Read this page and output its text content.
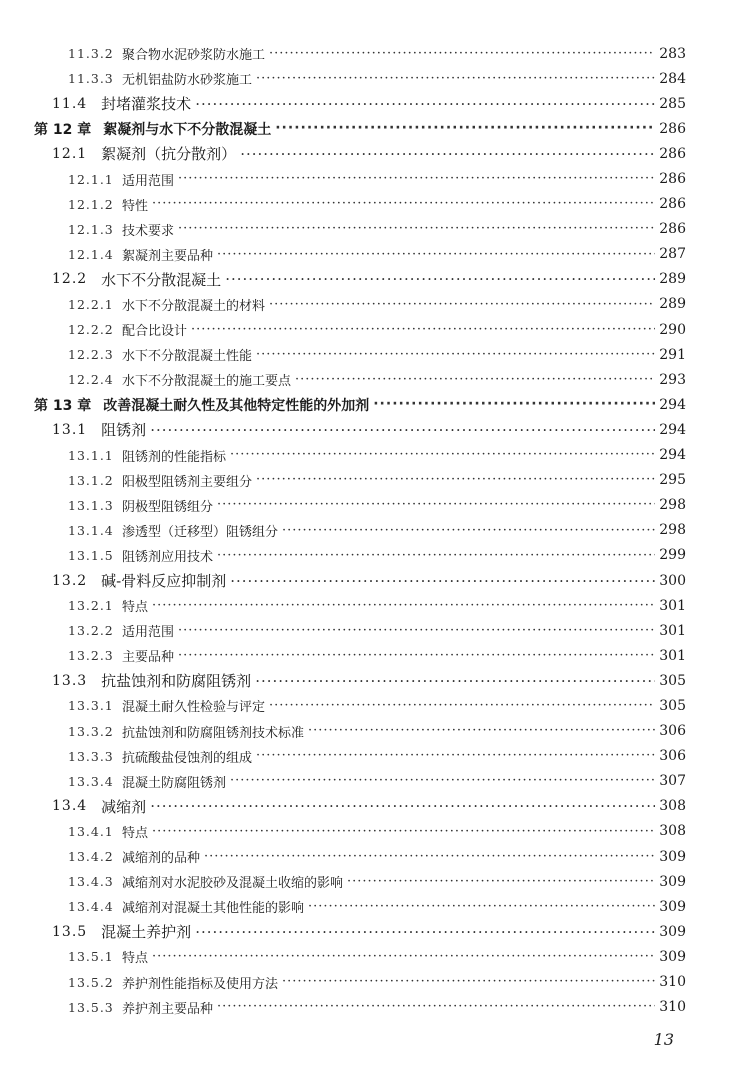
11.3.2 聚合物水泥砂浆防水施工 ·····	283
11.3.3 无机铝盐防水砂浆施工 ·····	284
11.4 封堵灌浆技术 ·····	285
第 12 章 絮凝剂与水下不分散混凝土 ·····	286
12.1 絮凝剂（抗分散剂） ·····	286
12.1.1 适用范围 ·····	286
12.1.2 特性 ·····	286
12.1.3 技术要求 ·····	286
12.1.4 絮凝剂主要品种 ·····	287
12.2 水下不分散混凝土 ·····	289
12.2.1 水下不分散混凝土的材料 ·····	289
12.2.2 配合比设计 ·····	290
12.2.3 水下不分散混凝土性能 ·····	291
12.2.4 水下不分散混凝土的施工要点 ·····	293
第 13 章 改善混凝土耐久性及其他特定性能的外加剂 ·····	294
13.1 阻锈剂 ·····	294
13.1.1 阻锈剂的性能指标 ·····	294
13.1.2 阳极型阻锈剂主要组分 ·····	295
13.1.3 阴极型阻锈组分 ·····	298
13.1.4 渗透型（迁移型）阻锈组分 ·····	298
13.1.5 阻锈剂应用技术 ·····	299
13.2 碱-骨料反应抑制剂 ·····	300
13.2.1 特点 ·····	301
13.2.2 适用范围 ·····	301
13.2.3 主要品种 ·····	301
13.3 抗盐蚀剂和防腐阻锈剂 ·····	305
13.3.1 混凝土耐久性检验与评定 ·····	305
13.3.2 抗盐蚀剂和防腐阻锈剂技术标准 ·····	306
13.3.3 抗硫酸盐侵蚀剂的组成 ·····	306
13.3.4 混凝土防腐阻锈剂 ·····	307
13.4 减缩剂 ·····	308
13.4.1 特点 ·····	308
13.4.2 减缩剂的品种 ·····	309
13.4.3 减缩剂对水泥胶砂及混凝土收缩的影响 ·····	309
13.4.4 减缩剂对混凝土其他性能的影响 ·····	309
13.5 混凝土养护剂 ·····	309
13.5.1 特点 ·····	309
13.5.2 养护剂性能指标及使用方法 ·····	310
13.5.3 养护剂主要品种 ·····	310
13
